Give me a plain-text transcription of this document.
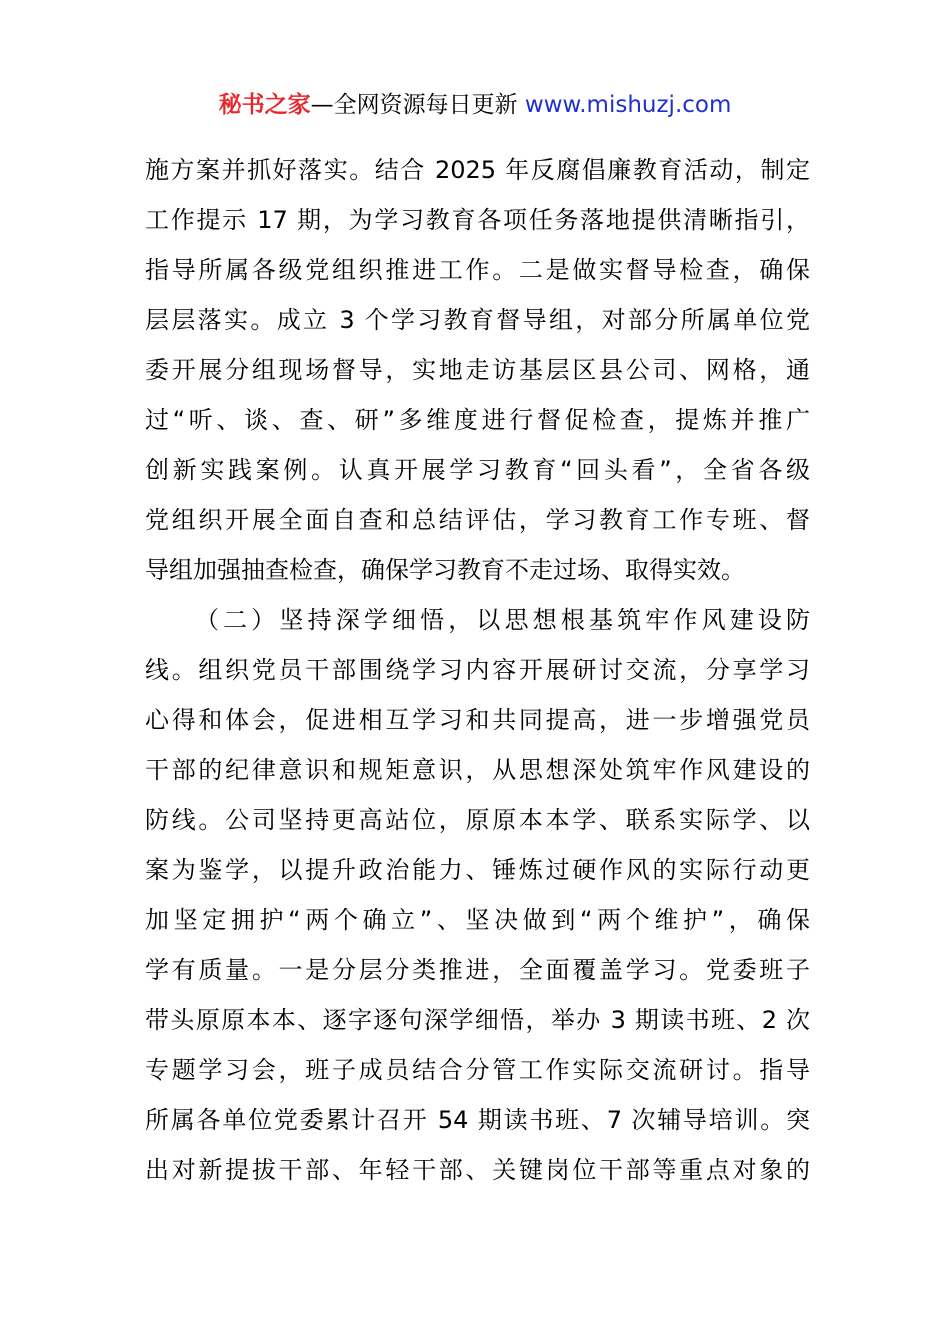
秘书之家—全网资源每日更新 www.mishuzj.com
施方案并抓好落实。结合 2025 年反腐倡廉教育活动，制定
工作提示 17 期，为学习教育各项任务落地提供清晰指引，
指导所属各级党组织推进工作。二是做实督导检查，确保
层层落实。成立 3 个学习教育督导组，对部分所属单位党
委开展分组现场督导，实地走访基层区县公司、网格，通
过“听、谈、查、研”多维度进行督促检查，提炼并推广
创新实践案例。认真开展学习教育“回头看”，全省各级
党组织开展全面自查和总结评估，学习教育工作专班、督
导组加强抽查检查，确保学习教育不走过场、取得实效。
（二）坚持深学细悟，以思想根基筑牢作风建设防
线。组织党员干部围绕学习内容开展研讨交流，分享学习
心得和体会，促进相互学习和共同提高，进一步增强党员
干部的纪律意识和规矩意识，从思想深处筑牢作风建设的
防线。公司坚持更高站位，原原本本学、联系实际学、以
案为鉴学，以提升政治能力、锤炼过硬作风的实际行动更
加坚定拥护“两个确立”、坚决做到“两个维护”，确保
学有质量。一是分层分类推进，全面覆盖学习。党委班子
带头原原本本、逐字逐句深学细悟，举办 3 期读书班、2 次
专题学习会，班子成员结合分管工作实际交流研讨。指导
所属各单位党委累计召开 54 期读书班、7 次辅导培训。突
出对新提拔干部、年轻干部、关键岗位干部等重点对象的
